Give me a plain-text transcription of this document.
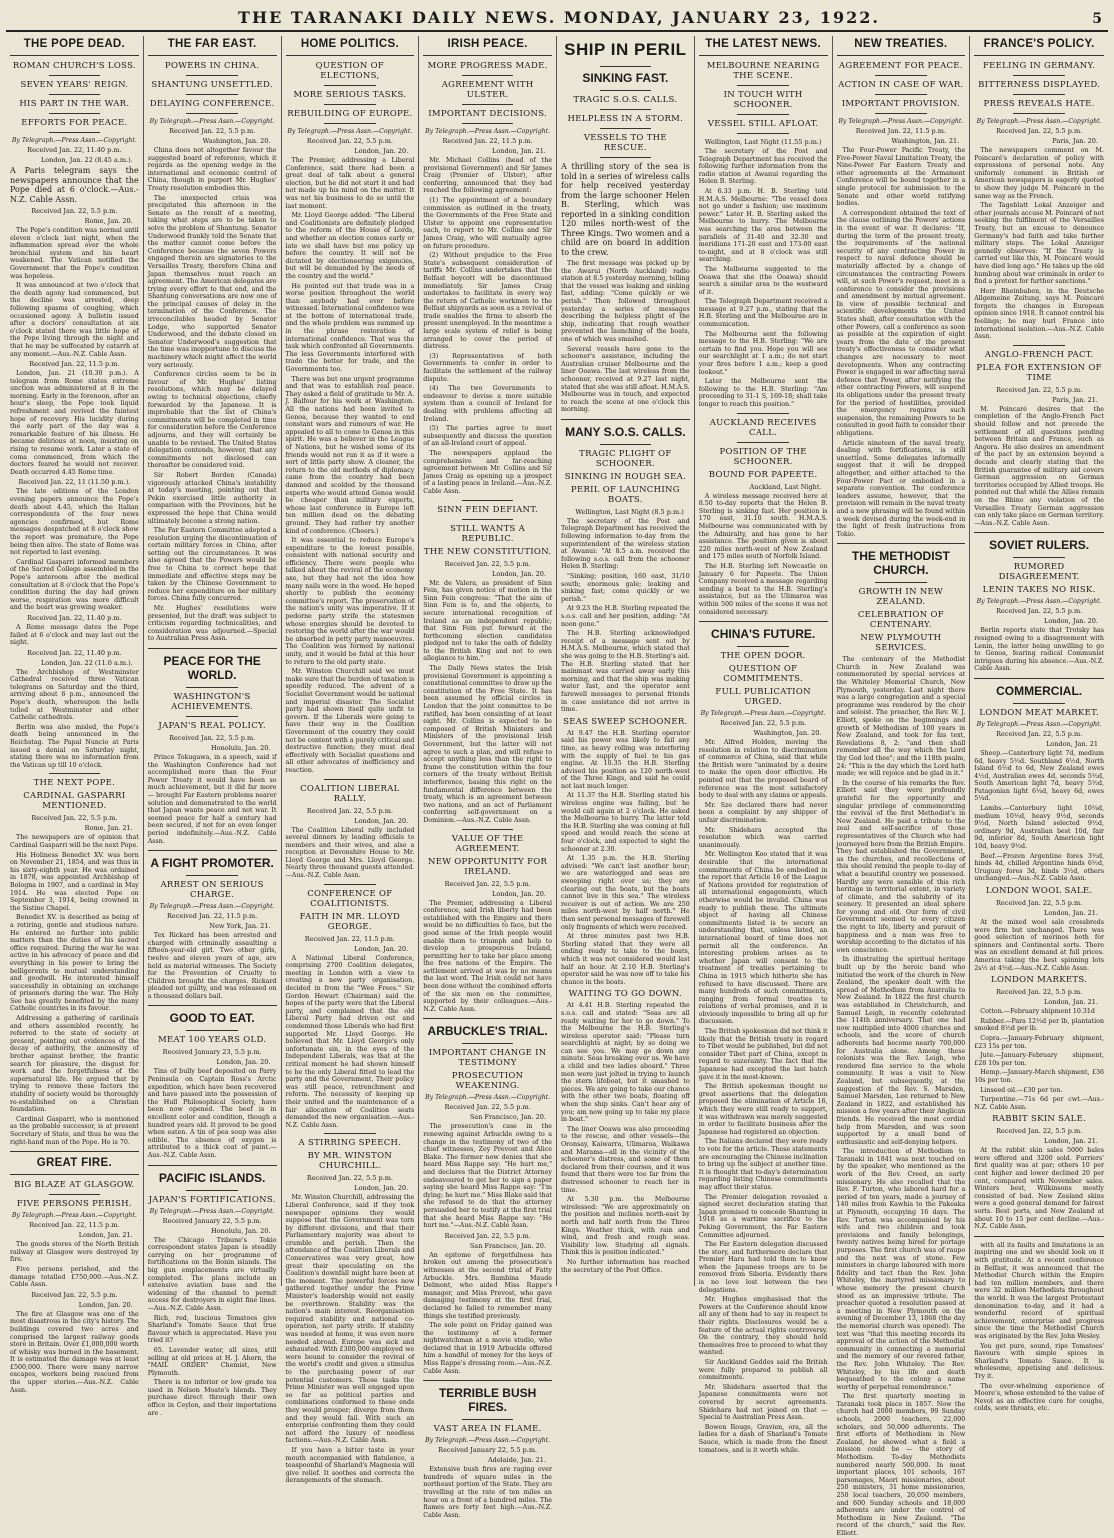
THE TARANAKI DAILY NEWS. MONDAY, JANUARY 23, 1922.	5
THE POPE DEAD.
ROMAN CHURCH'S LOSS.
SEVEN YEARS' REIGN.
HIS PART IN THE WAR.
EFFORTS FOR PEACE.
By Telegraph.—Press Assn.—Copyright.
Received Jan. 22, 11.40 p.m.
London, Jan. 22 (8.45 a.m.).
A Paris telegram says the newspapers announce that the Pope died at 6 o'clock.—Aus.-N.Z. Cable Assn.
Received Jan. 22, 5.5 p.m.
Rome, Jan. 20.

The Pope's condition was normal until eleven o'clock last night, when the inflammation spread over the whole bronchial system and his heart weakened. The Vatican notified the Government that the Pope's condition was hopeless.

It was announced at two o'clock that the death agony had commenced, but the decline was arrested, deep following spasms of coughing, which occasioned agony. A bulletin issued after a doctors' consultation at six o'clock stated there was little hope of the Pope living through the night and that he may be suffocated by catarrh at any moment.—Aus.-N.Z. Cable Assn.

Received Jan. 22, 11.5 p.m.

London, Jan. 21 (10.30 p.m.). A telegram from Rome states extreme unction was administered at 8 in the morning. Early in the forenoon, after an hour's sleep, the Pope took liquid refreshment and revived the faintest hope of recovery. His lucidity during the early part of the day was a remarkable feature of his illness. He became delirious at noon, insisting on rising to resume work. Later a state of coma commenced, from which the doctors feared he would not recover. Death occurred 4.45 Rome time.

Received Jan. 22, 11 (11.50 p.m.).

The late editions of the London evening papers announce the Pope's death about 4.45, which the Italian correspondents of the four news agencies confirmed, but Rome messages despatched at 8 o'clock show the report was premature, the Pope being then alive. The state of Rome was not reported to last evening.

Cardinal Gasparri informed members of the Sacred College assembled in the Pope's anteroom after the medical consultation at 8 o'clock that the Pope's condition during the day had grown worse, respiration was more difficult and the heart was growing weaker.

Received Jan. 22, 11.40 p.m.

A Rome message dates the Pope failed at 6 o'clock and may last out the night.

Received Jan. 22, 11.40 p.m.
London, Jan. 22 (11.0 a.m.).

The Archbishop of Westminster Cathedral received three Vatican telegrams on Saturday and the third, arriving about 6 p.m., announced the Pope's death, whereupon the bells tolled at Westminster and other Catholic cathedrals.

Berlin was also misled, the Pope's death being announced in the Reichstag. The Papal Nuncio at Paris issued a denial on Saturday night, stating there was no information from the Vatican up till 10 o'clock.

THE NEXT POPE.
CARDINAL GASPARRI MENTIONED.
Received Jan. 22, 5.5 p.m.
Rome, Jan. 21.

The newspapers are of opinion that Cardinal Gasparri will be the next Pope.

His Holiness Benedict XV. was born on November 21, 1854, and was thus in his sixty-eighth year. He was ordained in 1878, was appointed Archbishop of Bologna in 1907, and a cardinal in May 1914. He was elected Pope on September 3, 1914, being crowned in the Sistine Chapel.

Benedict XV. is described as being of a retiring, gentle and studious nature. He entered no further into public matters than the duties of his sacred office required. During the war he was active in his advocacy of peace and did everything in his power to bring the belligerents to mutual understanding and goodwill. He interested himself successfully in obtaining an exchange of prisoners during the war. The Holy See has greatly benefited by the many Catholic countries in its favour.

Addressing a gathering of cardinals and others assembled recently, he referred to the state of society at present, pointing out evidences of the decay of authority, the animosity of brother against brother, the frantic search for pleasure, the disgust for work and the forgetfulness of the supernatural life. He argued that by trying to remove these factors the stability of society would be thoroughly re-established on a Christian foundation.

Cardinal Gasparri, who is mentioned as the probable successor, is at present Secretary of State, and thus he was the right-hand man of the Pope. He is 70.

GREAT FIRE.
BIG BLAZE AT GLASGOW.
FIVE PERSONS PERISH.
By Telegraph.—Press Assn.—Copyright.
Received Jan. 22, 11.5 p.m.
London, Jan. 21.

The goods stores of the North British railway at Glasgow were destroyed by fire.

Five persons perished, and the damage totalled £750,000.—Aus.-N.Z. Cable Assn.

Received Jan. 22, 5.5 p.m.
London, Jan. 20.

The fire at Glasgow was one of the most disastrous in the city's history. The buildings covered two acres and comprised the largest railway goods store in Britain. Over £1,000,000 worth of whisky was burned in the basement. It is estimated the damage was at least £500,000. There were many narrow escapes, workers being rescued from the upper stories.—Aus.-N.Z. Cable Assn.

THE FAR EAST.
POWERS IN CHINA.
SHANTUNG UNSETTLED.
DELAYING CONFERENCE.
By Telegraph.—Press Assn.—Copyright.
Received Jan. 22, 5.5 p.m.
Washington, Jan. 20.

China does not altogether favour the suggested board of reference, which it regards as the opening wedge in the international and economic control of China, though in purport Mr. Hughes' Treaty resolution embodies this.

The unexpected crisis was precipitated this afternoon in the Senate as the result of a meeting, taking what steps are to be taken to solve the problem of Shantung. Senator Underwood frankly told the Senate that the matter cannot come before the Conference because the seven Powers engaged therein are signatories to the Versailles Treaty, therefore China and Japan themselves must reach an agreement. The American delegates are trying every effort to that end, and the Shantung conversations are now one of the principal causes of delay in the termination of the Conference. The irreconcilables headed by Senator Lodge, who supported Senator Underwood, and the debate closed on Senator Underwood's suggestion that the time was inopportune to discuss the machinery which might affect the world very seriously.

Conference circles seem to be in favour of Mr. Hughes' listing resolutions, which may be delayed owing to technical objections, chiefly forwarded by the Japanese. It is improbable that the list of China's commitments will be completed in time for consideration before the Conference adjourns, and they will certainly be unable to be revised. The United States delegation contends, however, that any commitments not disclosed can thereafter be considered void.

Sir Robert Borden (Canada) vigorously attacked China's instability at today's meeting, pointing out that Pekin exercised little authority in comparison with the Provinces, but he expressed the hope that China would ultimately become a strong nation.

The Far Eastern Committee adopted a resolution urging the discontinuation of certain military forces in China, after setting out the circumstances. It was also agreed that the Powers would be free to China to correct hope that immediate and effective steps may be taken by the Chinese Government to reduce her expenditure on her military forces. China fully concurred.

Mr. Hughes' resolutions were presented, but the draft was subject to criticism regarding technicalities, and consideration was adjourned.—Special to Australian Press Assn.

PEACE FOR THE WORLD.
WASHINGTON'S ACHIEVEMENTS.
JAPAN'S REAL POLICY.
Received Jan. 22, 5.5 p.m.
Honolulu, Jan. 20.

Prince Tokugawa, in a speech, said if the Washington Conference had not accomplished more than the Four Power Treaty it would have been so much achievement, but it did far more — brought Far Eastern problems nearer solution and demonstrated to the world that Japan wants peace and not war. It seemed peace for half a century had been secured, if not for an even longer period indefinitely.—Aus.-N.Z. Cable Assn.

A FIGHT PROMOTER.
ARREST ON SERIOUS CHARGE.
By Telegraph.—Press Assn.—Copyright.
Received Jan. 22, 11.5 p.m.
New York, Jan. 21.

Tex Rickard has been arrested and charged with criminally assaulting a fifteen-year-old girl. Two other girls, twelve and eleven years of age, are held as material witnesses. The Society for the Prevention of Cruelty to Children brought the charges. Rickard pleaded not guilty, and was released on a thousand dollars bail.

GOOD TO EAT.
MEAT 100 YEARS OLD.
Received January 23, 5.5 p.m.
London, Jan. 20.

Tins of bully beef deposited on Parry Peninsula on Captain Ross's Arctic expedition, which have been recovered and have passed into the possession of the Hull Philosophical Society, have been now opened. The beef is in excellent color and condition, though a hundred years old. It proved to be good when eaten. A tin of pea soup was also edible. The absence of oxygen is attributed to a thick coat of paint.—Aus.-N.Z. Cable Assn.

PACIFIC ISLANDS.
JAPAN'S FORTIFICATIONS.
By Telegraph.—Press Assn.—Copyright.
Received January 22, 5.5 p.m.
Honolulu, Jan. 20.

The Chicago Tribune's Tokio correspondent states Japan is steadily carrying on her programme of fortifications on the Bonin islands. The big gun emplacements are virtually completed. The plans include an extensive aviation base and the widening of the channel to permit access for destroyers in eight fine lines.—Aus.-N.Z. Cable Assn.

Rich, red, luscious Tomatoes give Sharland's Tomato Sauce that true flavour which is appreciated. Have you tried it?

65. Lavender water, all sizes, still selling at old prices at H. J. Ahern, the "MAIL ORDER" Chemist, New Plymouth.

There is no inferior or low grade tea used in Nelson Moate's blends. They purchase direct through their own office in Ceylon, and their importations are .

HOME POLITICS.
QUESTION OF ELECTIONS,
MORE SERIOUS TASKS.
REBUILDING OF EUROPE.
By Telegraph.—Press Assn.—Copyright.
Received Jan. 22, 5.5 p.m.
London, Jan. 20.

The Premier, addressing a Liberal Conference, said there had been a great deal of talk about a general election, but he did not start it and had not made up his mind on the matter. It was not his business to do so until the last moment.

Mr. Lloyd George added: "The Liberal and Coalitionists are definitely pledged to the reform of the House of Lords, and whether an election comes early or late we shall have but one policy up before the country. It will not be dictated by electioneering exigencies, but will be demanded by the needs of the country and the world."

He pointed out that trade was in a worse position throughout the world than anybody had ever before witnessed. International confidence was at the bottom of international trade, and the whole problem was summed up in the phrase restoration of international confidence. That was the task which confronted all Governments. The less Governments interfered with trade the better for trade, and the Governments too.

There was but one urgent programme and that was to establish real peace. They asked a field of gratitude to Mr. A. J. Balfour for his work at Washington. All the nations had been invited to Genoa, because they wanted to end constant wars and rumours of war. He appealed to all to come to Genoa in this spirit. He was a believer in the League of Nations, but he wished some of its friends would not run it as if it were a sort of little party show. A cleaner, the return to the old methods of diplomacy came from the country had been damned and scolded by the thousand experts who would attend Genoa would be cheaper than military experts, whose last conference in Europe left ten million dead on the debating ground. They had rather try another kind of conference. (Cheers.)

It was essential to reduce Europe's expenditure to the lowest possible, consistent with national security and efficiency. There were people who talked about the revival of the economy axe, but they had not the idea how many nails were in the wood. He hoped shortly to publish the economy committee's report. The preservation of the nation's unity was imperative. If it pedorne party strife the statesmen whose energies should be devoted to restoring the world after the war would be absorbed in petty party manoeuvres. The Coalition was formed by national unity, and it would be fatal at this hour to return to the old party state.

Mr. Winston Churchill said we must make sure that the burden of taxation is speedily reduced. The advent of a Socialist Government would be national and imperial disaster. The Socialist party had shown itself quite unfit to govern. If the Liberals were going to have their way in the Coalition Government of the country they could not be content with a purely critical and destructive function; they must deal effectively with Socialist questions and all other advocates of inefficiency and reaction.

COALITION LIBERAL RALLY.
Received Jan. 22, 5.5 p.m.
London, Jan. 20.

The Coalition Liberal rally included several dinners by leading officials to members and their wives, and also a reception at Devonshire House to Mr. Lloyd George and Mrs. Lloyd George. Nearly three thousand guests attended.—Aus.-N.Z. Cable Assn.

CONFERENCE OF COALITIONISTS.
FAITH IN MR. LLOYD GEORGE.
Received Jan. 22, 11.5 p.m.
London, Jan. 20.

A National Liberal Conference, comprising 2700 Coalition delegates, meeting in London with a view to creating a new party organisation, decided in from the "Wee Frees." Sir Gordon Hewart (Chairman) said the hopes of the party were that the Liberal party, and complained that the old Liberal Party had driven out and condemned those Liberals who had first supported Mr. Lloyd George. He believed that Mr. Lloyd George's only unfortunate sin, in the eyes of the Independent Liberals, was that at the critical moment he had shown himself to be the only Liberal fitted to lead the party and the Government. Their policy was still peace, retrenchment and reform. The necessity of keeping up their united and the maintenance of a fair allocation of Coalition seats demanded the new organisation.—Aus.-N.Z. Cable Assn.

A STIRRING SPEECH.
BY MR. WINSTON CHURCHILL.
Received Jan. 22, 5.5 p.m.
London, Jan. 20.

Mr. Winston Churchill, addressing the Liberal Conference, said if they took newspaper opinions they would suppose that the Government was torn by different divisions, and that their Parliamentary majority was about to crumble and perish. Then the attendance of the Coalition Liberals and Conservatives was very great, how great their speculating on the Coalition's downfall might have been at the moment. The powerful forces now gathered together under the Prime Minister's leadership would not easily be overthrown. Stability was the nation's main interest. Reorganisation required stability and national co-operation, not party strife. If stability was needed at home, it was even more needed abroad. Europe was sick and exhausted. With £300,000 employed we were bound to consider the revival of the world's credit and given a stimulus to the purchasing power of our potential customers. Those tasks the Prime Minister was well engaged upon so far as political parties and combinations conformed to these ends they would prosper; diverge from them and they would fail. With such an enterprise confronting them they could not afford the luxury of needless factions.—Aus.-N.Z. Cable Assn.

If you have a bitter taste in your mouth accompanied with flatulence, a teaspoonful of Sharland's Magnesia will give relief. It soothes and corrects the derangements of the stomach.

IRISH PEACE.
MORE PROGRESS MADE.
AGREEMENT WITH ULSTER.
IMPORTANT DECISIONS.
By Telegraph.—Press Assn.—Copyright.
Received Jan. 22, 11.5 p.m.
London, Jan. 21.

Mr. Michael Collins (head of the provisional Government) and Sir James Craig (Premier of Ulster), after conferring, announced that they had reached the following agreement:

(1) The appointment of a boundary commission as outlined in the treaty, the Governments of the Free State and Ulster to appoint one representative each, to report to Mr. Collins and Sir James Craig, who will mutually agree on future procedure.

(2) Without prejudice to the Free State's subsequent consideration of tariffs Mr. Collins undertakes that the Belfast boycott will be discontinued immediately. Sir James Craig undertakes to facilitate in every way the return of Catholic workmen to the Belfast shipyards as soon as a revival of trade enables the firms to absorb the present unemployed. In the meantime a large scale system of relief is being arranged to cover the period of distress.

(3) Representatives of both Governments to confer in order to facilitate the settlement of the railway dispute.

(4) The two Governments to endeavour to devise a more suitable system than a council of Ireland for dealing with problems affecting all Ireland.

(5) The parties agree to meet subsequently and discuss the question of an all-Ireland court of appeal.

The newspapers applaud the comprehensive and far-reaching agreement between Mr. Collins and Sir James Craig as opening up a prospect of a lasting peace in Ireland.—Aus.-N.Z. Cable Assn.

SINN FEIN DEFIANT.
STILL WANTS A REPUBLIC.
THE NEW CONSTITUTION.
Received Jan. 22, 5.5 p.m.
London, Jan. 20.

Mr. de Valera, as president of Sinn Fein, has given notice of motion in the Sinn Fein congress: "That the aim of Sinn Fein is to, and the objects, to secure international recognition of Ireland as an independent republic; that Sinn Fein put forward at the forthcoming election candidates pledged not to take the oath of fidelity to the British King and not to own allegiance to him."

The Daily News states the Irish provisional Government is appointing a constitutional committee to draw up the constitution of the Free State. It has been assumed by official circles in London that the joint committee to be ratified, has been consisting of at least eight. Mr. Collins is expected to be composed of British Ministers and Ministers of the provisional Irish Government, but the latter will not agree to such a plan, and will refuse to accept anything less than the right to frame the constitution within the four corners of the treaty without British interference, basing this right on the fundamental difference between the treaty, which is an agreement between two nations, and an act of Parliament conferring self-government on a Dominion.—Aus.-N.Z. Cable Assn.

VALUE OF THE AGREEMENT.
NEW OPPORTUNITY FOR IRELAND.
Received Jan. 22, 5.5 p.m.
London, Jan. 20.

The Premier, addressing a Liberal conference, said Irish liberty had been established with the Empire and there would be no difficulties to face, but the good sense of the Irish people would enable them to triumph and help to develop a prosperous Ireland, permitting her to take her place among the free nations of the Empire. The settlement arrived at was by no means the last word. The Irish could not have been done without the combined efforts of the six men on the committee, supported by their colleagues.—Aus.-N.Z. Cable Assn.

ARBUCKLE'S TRIAL.
IMPORTANT CHANGE IN TESTIMONY
PROSECUTION WEAKENING.
By Telegraph.—Press Assn.—Copyright.
Received Jan. 22, 5.5 p.m.
San Francisco, Jan. 20.

The prosecution's case in the renewing against Arbuckle owing to a change in the testimony of two of the chief witnesses, Zey Prevost and Alice Blake. The former now denies that she heard Miss Rappe say: "He hurt me," and declares that the District Attorney endeavoured to get her to sign a paper saying she heard Miss Rappe say: "I'm dying; he hurt me." Miss Blake said that she refused to do that the attorney persuaded her to testify at the first trial that she heard Miss Rappe say: "He hurt me."—Aus.-N.Z. Cable Assn.

Received Jan. 22, 5.5 p.m.
San Francisco, Jan. 20.

An epitome of forgetfulness has broken out among the prosecution's witnesses at the second trial of Fatty Arbuckle. Mrs. Bambina Maude Delmont, who aided Miss Rappe's manager, and Miss Prevost, who gave damaging testimony at the first trial, declared he failed to remember many things she testified previously.

The sole point on Friday gained was the testimony of a former nightwatchman at a movie studio, who declared that in 1919 Arbuckle offered him a handful of money for the keys of Miss Rappe's dressing room.—Aus.-N.Z. Cable Assn.

TERRIBLE BUSH FIRES.
VAST AREA IN FLAME.
By Telegraph.—Press Assn.—Copyright.
Received January 22, 5.5 p.m.
Adelaide, Jan. 21.

Extensive bush fires are raging over hundreds of square miles in the northeast portion of the State. They are travelling at the rate of ten miles an hour on a front of a hundred miles. The flames are forty feet high.—Aus.-N.Z. Cable Assn.

SHIP IN PERIL
SINKING FAST.
TRAGIC S.O.S. CALLS.
HELPLESS IN A STORM.
VESSELS TO THE RESCUE.
A thrilling story of the sea is told in a series of wireless calls for help received yesterday from the large schooner Helen B. Sterling, which was reported in a sinking condition 120 miles north-west of the Three Kings. Two women and a child are on board in addition to the crew.

The first message was picked up by the Awarui (North Auckland) radio station at 8.5 yesterday morning, telling that the vessel was leaking and sinking fast, adding: "Come quickly or we perish." Then followed throughout yesterday a series of messages describing the helpless plight of the ship, indicating that rough weather prevented the launching of the boats, one of which was smashed.

Several vessels have gone to the schooner's assistance, including the Australian cruiser Melbourne and the liner Ooawa. The last wireless from the schooner, received at 9.27 last night, stated that she was still afloat. H.M.A.S. Melbourne was in touch, and expected to reach the scene at one o'clock this morning.

MANY S.O.S. CALLS.
TRAGIC PLIGHT OF SCHOONER.
SINKING IN ROUGH SEA.
PERIL OF LAUNCHING BOATS.
Wellington, Last Night (8.5 p.m.)

The secretary of the Post and Telegraph Department has received the following information to-day from the superintendent of the wireless station at Awanui: "At 8.5 a.m. received the following s.o.s. call from the schooner Helen B. Sterling:

"Sinking; position, 160 east, 31/10 south; enormous gale; leaking and sinking fast; come quickly or we perish."

At 9.23 the H.B. Sterling repeated the s.o.s. call and her position, adding: "At noon gone."

The H.B. Sterling acknowledged receipt of a message sent out by H.M.A.S. Melbourne, which stated that she was going to the H.B. Sterling's aid. The H.B. Sterling stated that her mainmast was carried away early this morning, and that the ship was making water fast, and the operator sent farewell messages to personal friends in case assistance did not arrive in time.

SEAS SWEEP SCHOONER.

At 9.47 the H.B. Sterling operator said his power was likely to fail any time, as heavy rolling was interfering with the supply of fuel to his gas engine. At 10.35 the H.B. Sterling advised his position as 120 north-west of the Three Kings, and said he could not last much longer.

At 11.37 the H.B. Sterling stated his wireless engine was failing, but he would call again at 2 o'clock. He asked the Melbourne to hurry. The latter told the H.B. Sterling she was coming at full speed and would reach the scene at four o'clock, and expected to sight the schooner at 2.30.

At 1.35 p.m. the H.B. Sterling advised: "We can't last another hour; we are waterlogged and seas are sweeping right over us; they are clearing out the boats, but the boats cannot live in this sea." The wireless receiver is out of action. We are 250 miles north-west by half north." He then sent personal messages of farewell only fragments of which were received.

At three minutes past two H.B. Sterling stated that they were all ending ready to take to the boats, which it was not considered would last half an hour. At 2.10 H.B. Sterling's operator said he was now off to take his chance in the boats.

WAITING TO GO DOWN.

At 4.41 H.B. Sterling repeated the s.o.s. call and stated: "Seas are all ready waiting for her to go down." To the Melbourne the H.B. Sterling's wireless operator said: "Please turn searchlights at night; by so doing we can see you. We may go down any minute. Seas breaking over us. We have a child and two ladies aboard." Three men were just jolted in trying to launch the stern lifeboat, but it smashed to pieces. We are going to take our chance with the other two boats, floating off when the ship sinks. Can't hear any of you; am now going up to take my place in boat."

The liner Ooawa was also proceeding to the rescue, and other vessels—the Oronsay, Kaiwarra, Ulimaroa, Waikawa and Marama—all in the vicinity of the schooner's distress, and some of them declared from their courses, and it was found that there were too far from the distressed schooner to reach her in time.

At 5.30 p.m. the Melbourne wirelessed: "We are approximately on the position and inclines north-east by north and half north from the Three Kings. Weather thick, with rain and wind, and fresh and rough seas. Visibility low. Studying all signals. Think this is position indicated."

No further information has reached the secretary of the Post Office.

THE LATEST NEWS.
MELBOURNE NEARING THE SCENE.
IN TOUCH WITH SCHOONER.
VESSEL STILL AFLOAT.
Wellington, Last Night (11.55 p.m.)

The secretary of the Post and Telegraph Department has received the following further information from the radio station at Awanui regarding the Helen B. Sterling.

At 6.33 p.m. H. B. Sterling told H.M.A.S. Melbourne: "The vessel does not go under a fashion; use maximum power." Later H. B. Sterling asked the Melbourne to hurry. The Melbourne was searching the area between the parallels of 31-40 and 32-30 and meridians 171-20 east and 173-00 east to-night, and at 8 o'clock was still searching.

The Melbourne suggested to the Ooawa that she (the Ooawa) should search a similar area to the westward of it.

The Telegraph Department received a message at 9.27 p.m., stating that the H.B. Sterling and the Melbourne are in communication.

The Melbourne sent the following message to the H.B. Sterling: "We are certain to find you. Hope you will see our searchlight at 1 a.m.; do not start your fires before 1 a.m.; keep a good lookout."

Later the Melbourne sent the following to the H.B. Sterling: "Am proceeding to 31-1 S, 169-18; shall take longer to reach this position."

AUCKLAND RECEIVES CALL.
POSITION OF THE SCHOONER.
BOUND FOR PAPEETE.
Auckland, Last Night.

A wireless message received here at 8.50 to-day reports that the Helen B. Sterling is sinking fast. Her position is 170 east, 31.10 south. H.M.A.S. Melbourne was communicated with by the Admiralty, and has gone to her assistance. The position given is about 220 miles north-west of New Zealand and 175 miles south of Norfolk Island.

The H.B. Sterling left Newcastle on January 6 for Papeete. The Union Company received a message regarding sending a boat to the H.B. Sterling's assistance, but as the Ulimaroa was within 500 miles of the scene it was not considered necessary.

CHINA'S FUTURE.
THE OPEN DOOR.
QUESTION OF COMMITMENTS.
FULL PUBLICATION URGED.
By Telegraph.—Press Assn.—Copyright.
Received Jan. 22, 5.5 p.m.
Washington, Jan. 20.

Mr. Alfred Holden, moving the resolution in relation to discrimination of commerce of China, said that while the British were "animated by a desire to make the open door effective. He pointed out that the proposed board of reference was the most satisfactory body to deal with any claims or appeals.

Mr. Sze declared there had never been a complaint by any shipper of unfair discrimination.

Mr. Shidehara accepted the resolution which was carried unanimously.

Mr. Wellington Koo stated that it was desirable that the international commitments of China be embodied in the report that Article 16 of the League of Nations provided for registration of all international engagements, which otherwise would be invalid. China was ready to publish these. The ultimate object of having all Chinese commitments listed is to secure an understanding that, unless listed, an international board of time does not permit all the conference. An interesting problem arises as to whether Japan will consent to the treatment of treaties pertaining to China in 1915 which hitherto she has refused to have discussed. There are many hundreds of such commitments, ranging from formal treaties to relations of verbal promises, and it is obviously impossible to bring all up for discussion.

The British spokesman did not think it likely that the British treaty in regard to Tibet would be published, but did not consider Tibet part of China, except in regard to suzerainty. The fact that the Japanese had excepted the last batch gave it in the most-known.

The British spokesman thought no great assertions that the delegation proposed the elimination of Article 16, which they were still ready to support, it was withdrawn was merely suggested in order to facilitate business after the Japanese had registered an objection.

The Italians declared they were ready to vote for the article. These statements are encouraging the Chinese inclination to bring up the subject at another time. It is thought that to-day's determination regarding listing Chinese commitments may affect their status.

The Premier delegation revealed a signed secret declaration stating that Japan promised to concede Shantung in 1918 as a wartime sacrifice to the Peking Government, the Far Eastern Committee adjourned.

The Far Eastern delegation discussed the story, and furthermore declare that Premier Hara had told them to know when the Japanese troops are to be removed from Siberia. Evidently there is no love lost between the two delegations.

Mr. Hughes emphasised that the Powers at the Conference should know all any of them had to say in respect to their rights. Disclosures would be a feature of the actual rights controversy. On the contrary, they should hold themselves free to proceed to what they wanted.

Sir Auckland Geddes said the British were fully prepared to publish all commitments.

Mr. Shidehara asserted that the Japanese commitments were not covered by secret agreements. Shidehara had not joined on that — Special to Australian Press Assn.

Bowen Rouge, Gravien, ora, all the ladies for a dash of Sharland's Tomato Sauce, which is made from the finest tomatoes, and is it worth while.

NEW TREATIES.
AGREEMENT FOR PEACE.
ACTION IN CASE OF WAR.
IMPORTANT PROVISION.
By Telegraph.—Press Assn.—Copyright.
Received Jan. 22, 11.5 p.m.
Washington, Jan. 21.

The Four-Power Pacific Treaty, the Five-Power Naval Limitation Treaty, the Nine-Power Far Eastern Treaty and other agreements at the Armament Conference will be bound together in a single protocol for submission to the Senate and other world ratifying bodies.

A correspondent obtained the text of the clause outlining the Powers' actions in the event of war. It declares: "If, during the term of the present treaty, the requirements of the national security of any contracting Power in respect to naval defence should be materially affected by a change of circumstances the contracting Powers will, at such Power's request, meet in a conference to consider the provisions and amendment by mutual agreement. In view of possible technical and scientific developments the United States shall, after consultation with the other Powers, call a conference as soon as possible at the expiration of eight years from the date of the present treaty's effectiveness to consider what changes are necessary to meet developments. When any contracting Power is engaged in war affecting naval defence that Power, after notifying the other contracting Powers, will suspend its obligations under the present treaty for the period of hostilities, provided the emergency requires such suspension, the remaining Powers to be consulted in good faith to consider their obligations.

Article nineteen of the naval treaty, dealing with fortifications, is still unsettled. Some delegates informally suggest that it will be dropped altogether, and either attached to the Four-Power Pact or embodied in a separate convention. The conference leaders assume, however, that the provision will remain in the naval treaty and a new phrasing will be found within a week devised during the week-end in the light of fresh instructions from Tokio.

THE METHODIST CHURCH.
GROWTH IN NEW ZEALAND.
CELEBRATION OF CENTENARY.
NEW PLYMOUTH SERVICES.

The centenary of the Methodist Church in New Zealand was commemorated by special services at the Whiteley Memorial Church, New Plymouth, yesterday. Last night there was a large congregation and a special programme was rendered by the choir and soloist. The preacher, the Rev. W. J. Elliott, spoke on the beginnings and growth of Methodism of 100 years in New Zealand, and took for his text, Revelations 8, 2: "and then shall remember all the way which the Lord thy God led thee"; and the 118th psalm, 24: "This is the day which the Lord hath made; we will rejoice and be glad in it."

In the course of his remarks the Rev. Elliott said they were profoundly grateful for the opportunity and singular privilege of commemorating the revival of the first Methodist's in New Zealand. He paid a tribute to the zeal and self-sacrifice of those representatives of the Church who had journeyed here from the British Empire. They had established the Government, as the churches, and recollections of this should remind the people to-day of what a beautiful country we possessed. Hardly any were sensible of this rich heritage in territorial extent, in variety of climate, and the salubrity of its scenery. It presented an ideal sphere for young and old. Our form of civil Government seemed to every citizen the right to life, liberty and pursuit of happiness and a man was free to worship according to the dictates of his own conscience.

In illustrating the spiritual heritage built up by the heroic band who initiated the work of the church in New Zealand, the speaker dealt with the spread of Methodism from Australia to New Zealand. In 1822 the first church was established in Christchurch, and Samuel Leigh, in recently celebrated the 114th anniversary. That one had now multiplied into 4000 churches and schools, and the score of church adherents had become nearly 700,000 for Australia alone. Among these colonists was the Rev. Leigh, who rendered fine service to the whole community. It was a visit to New Zealand, but subsequently, at the suggestion of the Rev. S. Marsden, Samuel Marsden, Lee returned to New Zealand in 1822, and established his mission a few years after their Anglican friends. He received the most cordial help from Marsden, and was soon supported by a small band of enthusiastic and self-denying helpers.

The introduction of Methodism to Taranaki in 1841 was next touched on by the speaker, who mentioned as the work of the Rev. Creed, an early missionary. He also recalled that the Rev. F. Turton, who labored hard for a period of ten years, made a journey of 140 miles from Kawhia to the Pakeaka at Plymouth, occupying 16 days. The Rev. Turton was accompanied by his wife and two children and took provisions and family belongings, twenty natives being hired for portage purposes. The first church was of raupo and the next was of stone. Few ministers in charge laboured with more fidelity and tact than the Rev. John Whiteley, the martyred missionary to whose memory the present church stood as an impressive tribute. The preacher quoted a resolution passed at a meeting in New Plymouth on the evening of December 13, 1868 (the day the memorial church was opened). The text was "that this meeting records its approval of the action of the Methodist community in connecting a memorial and the memory of our revered father, the Rev. John Whiteley. The Rev. Whiteley, by his life and death bequeathed to the colony a name worthy of perpetual remembrance."

The first quarterly meeting in Taranaki took place in 1857. Now the church had 2000 members, 99 Sunday schools, 2000 teachers, 22,000 scholars, and 50,000 adherents. The first efforts of Methodism in New Zealand, he showed what a field a mission could be — the story of Methodism. To-day Methodists numbered nearly 500,000. In most important places, 101 schools, 167 parsonages, Maori missionaries, about 250 ministers, 31 home missionaries, 250 local teachers, 20,050 members, and 600 Sunday schools and 18,000 adherents are under the control of Methodism in New Zealand. "The record of the church," said the Rev. Elliott.

FRANCE'S POLICY.
FEELING IN GERMANY.
BITTERNESS DISPLAYED.
PRESS REVEALS HATE.
By Telegraph.—Press Assn.—Copyright.
Received Jan. 22, 5.5 p.m.
Paris, Jan. 20.

The newspapers comment on M. Poincaré's declaration of policy with expressions of personal note. Any uniformly comment in British or American newspapers is eagerly quoted to show they judge M. Poincaré in the same way as the French.

The Tageblatt Lokal Anzeiger and other journals accuse M. Poincaré of not seeking the fulfilment of the Versailles Treaty, but an excuse to denounce Germany's bad faith and take further military steps. The Lokal Anzeiger gennelly observes: "If the Treaty is carried out like this, M. Poincaré would have died long ago." He takes up the old humbug about war criminals in order to find a pretext for further sanctions."

Herr Rheinbaben, in the Deutsche Allgemeine Zeitung, says M. Poincaré forgets the changes in European opinion since 1918. It cannot control his feelings; he may hurl France into international isolation.—Aus.-N.Z. Cable Assn.

ANGLO-FRENCH PACT.
PLEA FOR EXTENSION OF TIME
Received Jan. 22, 5.5 p.m.
Paris, Jan. 21.

M. Poincaré desires that the completion of the Anglo-French Pact should follow and not precede the settlement of all questions pending between Britain and France, such as Angora. He also desires an amendment of the pact by an extension beyond a decade and clearly stating that the British guarantee of military aid covers German aggression on German territories occupied by Allied troops. He pointed out that while the Allies remain on the Rhine any violation of the Versailles Treaty German aggression can only take place on German territory.—Aus.-N.Z. Cable Assn.

SOVIET RULERS.
RUMORED DISAGREEMENT.
LENIN TAKES NO RISK.
By Telegraph.—Press Assn.—Copyright.
Received Jan. 22, 5.5 p.m.
London, Jan. 20.

Berlin reports state that Trotsky has resigned owing to a disagreement with Lenin, the latter being unwilling to go to Genoa, fearing radical Communist intrigues during his absence.—Aus.-N.Z. Cable Assn.

COMMERCIAL.
LONDON MEAT MARKET.
By Telegraph.—Press Assn.—Copyright.
Received Jan. 22, 5.5 p.m.
London, Jan. 21

Sheep.—Canterbury light 7d, medium 6d, heavy 5½d. Southland 6½d, North Island 6½d to 6d, New Zealand ewes 4½d, Australian ewes 4d, seconds 5½d, South American light 7d, heavy 5½d, Patagonian light 6¼d, heavy 6d, ewes 5¼d.

Lambs.—Canterbury light 10¼d, medium 10½d, heavy 9½d, seconds 9½d, North Island selected 9½d, ordinary 9d, Australian best 10d, fair 9d, inferior 8d, South American light 10d, heavy 9½d.

Beef.—Frozen Argentine fores 3½d, hinds 4d, chilled Argentine hinds 6½d, Uruguay fores 3d, hinds 3½d, others unchanged.—Aus.-N.Z. Cable Assn.

LONDON WOOL SALE.
Received Jan. 22, 5.5 p.m.
London, Jan. 21.

At the mixed wool sale crossbreds were firm but unchanged. There was good selection of merinos both for spinners and Continental sorts. There was an excellent demand at full prices. America taking the best spinning lots 2s½ at 4½d.—Aus.-N.Z. Cable Assn.

LONDON MARKETS.
Received Jan. 22, 5.5 p.m.
London, Jan. 21.

Cotton.—February shipment 10.31d

Rubber.—Para 12½d per lb, plantation smoked 8½d per lb.

Copra.—January-February shipment, £23 15s per ton.

Jute.—January-February shipment, £28 10s per ton.

Hemp.—January-March shipment, £36 10s per ton.

Linseed oil.—£30 per ton.

Turpentine.—71s 6d per cwt.—Aus.-N.Z. Cable Assn.

RABBIT SKIN SALE.
Received Jan. 22, 5.5 p.m.
London, Jan. 21.

At the rabbit skin sales 5000 bales were offered and 3200 sold. Furriers' first quality was at par; others 10 per cent higher and lower declined 20 per cent, compared with November sales. Winters best, Wilkinsons mostly consisted of bad. New Zealand skins were a good general demand for fairest sorts. Best ports, and New Zealand at about 10 to 15 per cent decline.—Aus.-N.Z. Cable Assn.

with all its faults and limitations is an inspiring one and we should look on it with gratitude. At a recent conference in Belfast, it was announced that the Methodist Church within the Empire had ten million members, and there were 32 million Methodists throughout the world. It was the largest Protestant denomination to-day, and it had a wonderful record of spiritual achievement, enterprise and progress since the time the Methodist Church was originated by the Rev. John Wesley.

You get pure, sound, ripe Tomatoes' flavours with simple spices in Sharland's Tomato Sauce. It is wholesome, appetising and delicious. Try it.

The over-whelming experience of Moore's, whose extended to the value of Nevol as an effective cure for coughs, colds, sore throats, etc.
